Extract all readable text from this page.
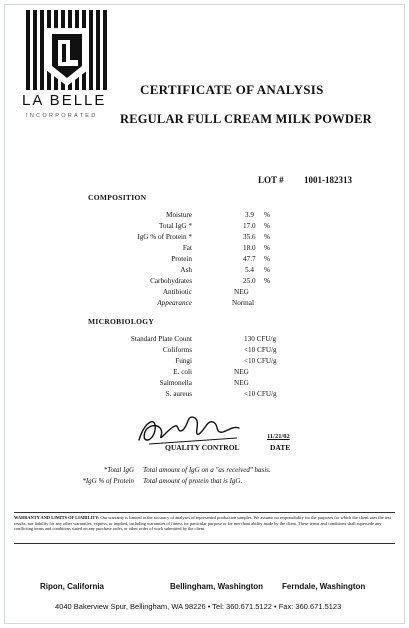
LA BELLE
INCORPORATED
CERTIFICATE OF ANALYSIS
REGULAR FULL CREAM MILK POWDER
LOT # 1001-182313
COMPOSITION
Moisture	3.9 %
Total IgG *	17.0 %
IgG % of Protein *	35.6 %
Fat	18.0 %
Protein	47.7 %
Ash	5.4 %
Carbohydrates	25.0 %
Antibiotic	NEG
Appearance	Normal
MICROBIOLOGY
Standard Plate Count	130 CFU/g
Coliforms	<10 CFU/g
Fungi	<10 CFU/g
E. coli	NEG
Salmonella	NEG
S. aureus	<10 CFU/g
QUALITY CONTROL
11/21/02
DATE
*Total IgG Total amount of IgG on a "as received" basis.
*IgG % of Protein Total amount of protein that is IgG.
WARRANTY AND LIMITS OF LIABILITY: Our warranty is limited to the accuracy of analyses of represented production samples. We assume no responsibility for the purposes for which the client uses the test results, nor liability for any other warranties, express, or implied, including warranties of fitness for particular purpose or for merchant ability made by the client. These terms and conditions shall supersede any conflicting terms and conditions stated on any purchase order, or other order of work submitted by the client.
Ripon, California	Bellingham, Washington Ferndale, Washington
4040 Bakerview Spur, Bellingham, WA 98226 • Tel: 360.671.5122 • Fax: 360.671.5123
